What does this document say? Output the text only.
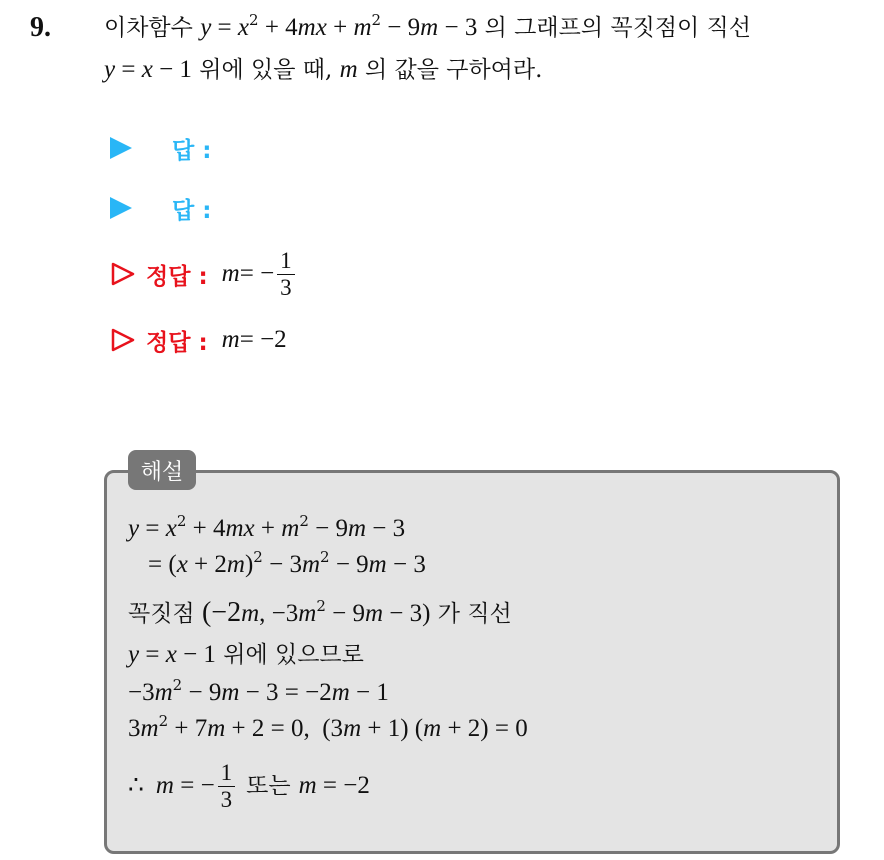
9. 이차함수 $y = x^2 + 4mx + m^2 - 9m - 3$ 의 그래프의 꼭짓점이 직선
y = x − 1 위에 있을 때, m 의 값을 구하여라.
답 :
답 :
정답 : m = − $\frac{1}{3}$
정답 : m = −2
해설
$y = x^2 + 4mx + m^2 - 9m - 3$
= $(x + 2m)^2 - 3m^2 - 9m - 3$
꼭짓점 (−2m, $-3m^2 - 9m - 3$) 가 직선
y = x − 1 위에 있으므로
$-3m^2 - 9m - 3 = -2m - 1$
$3m^2 + 7m + 2 = 0$,  (3m + 1) (m + 2) = 0
∴ m = − $\frac{1}{3}$ 또는 m = −2
